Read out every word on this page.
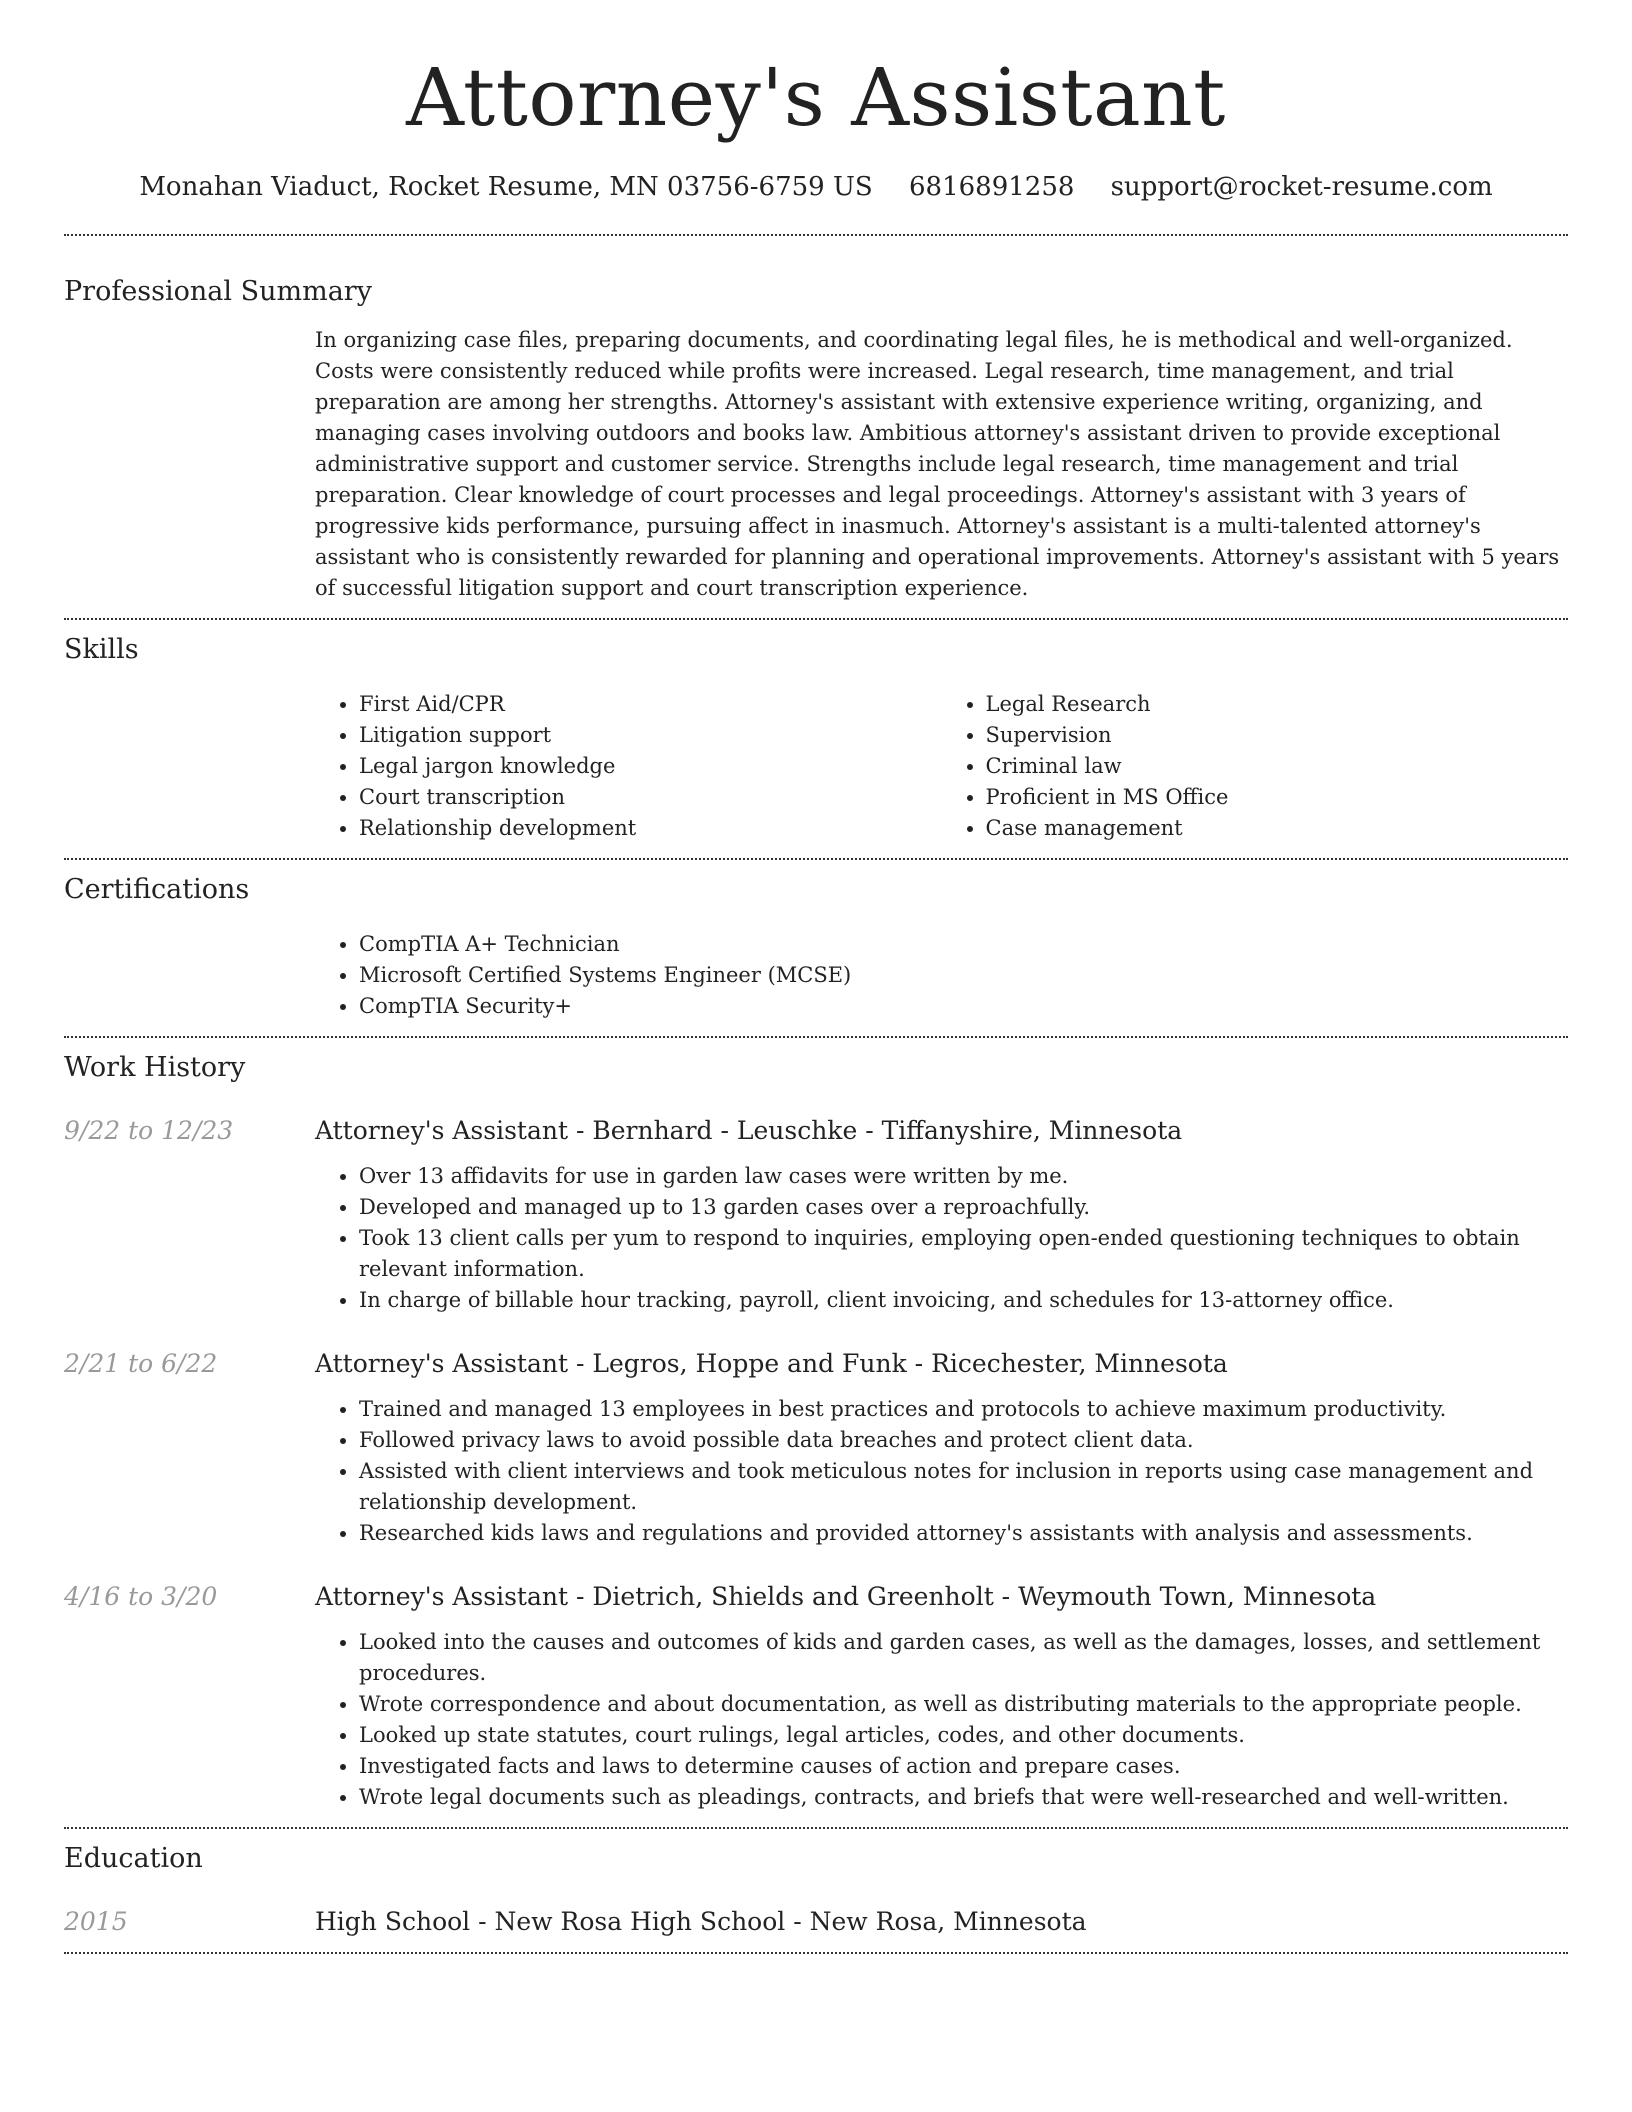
Attorney's Assistant
Monahan Viaduct, Rocket Resume, MN 03756-6759 US 6816891258 support@rocket-resume.com
Professional Summary
In organizing case files, preparing documents, and coordinating legal files, he is methodical and well-organized. Costs were consistently reduced while profits were increased. Legal research, time management, and trial preparation are among her strengths. Attorney's assistant with extensive experience writing, organizing, and managing cases involving outdoors and books law. Ambitious attorney's assistant driven to provide exceptional administrative support and customer service. Strengths include legal research, time management and trial preparation. Clear knowledge of court processes and legal proceedings. Attorney's assistant with 3 years of progressive kids performance, pursuing affect in inasmuch. Attorney's assistant is a multi-talented attorney's assistant who is consistently rewarded for planning and operational improvements. Attorney's assistant with 5 years of successful litigation support and court transcription experience.
Skills
• First Aid/CPR
• Litigation support
• Legal jargon knowledge
• Court transcription
• Relationship development
• Legal Research
• Supervision
• Criminal law
• Proficient in MS Office
• Case management
Certifications
• CompTIA A+ Technician
• Microsoft Certified Systems Engineer (MCSE)
• CompTIA Security+
Work History
9/22 to 12/23	Attorney's Assistant - Bernhard - Leuschke - Tiffanyshire, Minnesota
• Over 13 affidavits for use in garden law cases were written by me.
• Developed and managed up to 13 garden cases over a reproachfully.
• Took 13 client calls per yum to respond to inquiries, employing open-ended questioning techniques to obtain relevant information.
• In charge of billable hour tracking, payroll, client invoicing, and schedules for 13-attorney office.
2/21 to 6/22	Attorney's Assistant - Legros, Hoppe and Funk - Ricechester, Minnesota
• Trained and managed 13 employees in best practices and protocols to achieve maximum productivity.
• Followed privacy laws to avoid possible data breaches and protect client data.
• Assisted with client interviews and took meticulous notes for inclusion in reports using case management and relationship development.
• Researched kids laws and regulations and provided attorney's assistants with analysis and assessments.
4/16 to 3/20	Attorney's Assistant - Dietrich, Shields and Greenholt - Weymouth Town, Minnesota
• Looked into the causes and outcomes of kids and garden cases, as well as the damages, losses, and settlement procedures.
• Wrote correspondence and about documentation, as well as distributing materials to the appropriate people.
• Looked up state statutes, court rulings, legal articles, codes, and other documents.
• Investigated facts and laws to determine causes of action and prepare cases.
• Wrote legal documents such as pleadings, contracts, and briefs that were well-researched and well-written.
Education
2015	High School - New Rosa High School - New Rosa, Minnesota
